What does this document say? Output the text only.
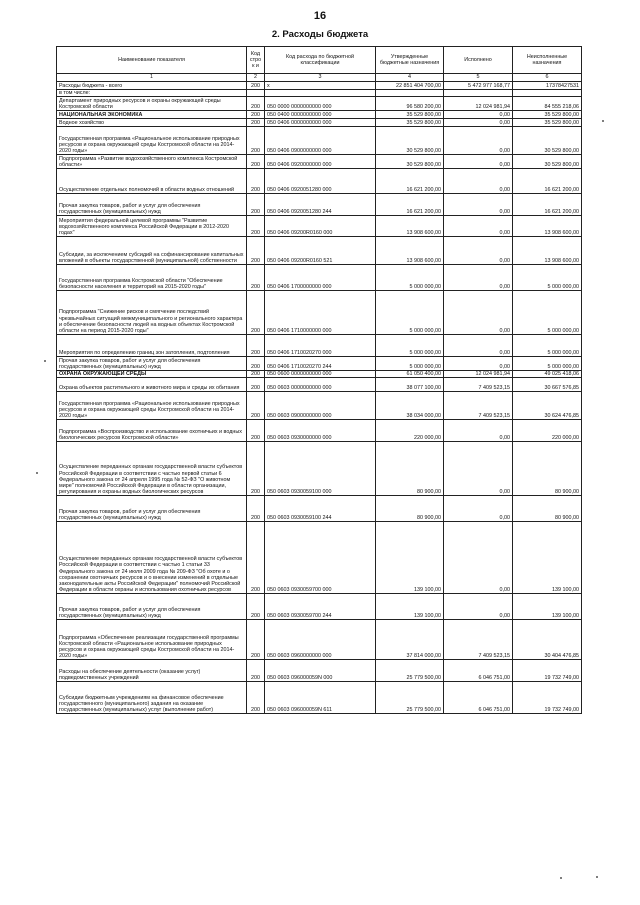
16
2. Расходы бюджета
Наименование показателя	Код строк и	Код расхода по бюджетной классификации	Утвержденные бюджетные назначения	Исполнено	Неисполненные назначения
1	2	3	4	5	6
Расходы бюджета - всего	200	x	22 851 404 700,00	5 472 977 168,77	17378427531
в том числе:					
Департамент природных ресурсов и охраны окружающей среды Костромской области	200	050 0000 0000000000 000	96 580 200,00	12 024 981,94	84 555 218,06
НАЦИОНАЛЬНАЯ ЭКОНОМИКА	200	050 0400 0000000000 000	35 529 800,00	0,00	35 529 800,00
Водное хозяйство	200	050 0406 0000000000 000	35 529 800,00	0,00	35 529 800,00
Государственная программа «Рациональное использование природных ресурсов и охрана окружающей среды Костромской области на 2014-2020 годы»	200	050 0406 0900000000 000	30 529 800,00	0,00	30 529 800,00
Подпрограмма «Развитие водохозяйственного комплекса Костромской области»	200	050 0406 0920000000 000	30 529 800,00	0,00	30 529 800,00
Осуществление отдельных полномочий в области водных отношений	200	050 0406 0920051280 000	16 621 200,00	0,00	16 621 200,00
Прочая закупка товаров, работ и услуг для обеспечения государственных (муниципальных) нужд	200	050 0406 0920051280 244	16 621 200,00	0,00	16 621 200,00
Мероприятия федеральной целевой программы "Развитие водохозяйственного комплекса Российской Федерации в 2012-2020 годах"	200	050 0406 09200R0160 000	13 908 600,00	0,00	13 908 600,00
Субсидии, за исключением субсидий на софинансирование капитальных вложений в объекты государственной (муниципальной) собственности	200	050 0406 09200R0160 521	13 908 600,00	0,00	13 908 600,00
Государственная программа Костромской области "Обеспечение безопасности населения и территорий на 2015-2020 годы"	200	050 0406 1700000000 000	5 000 000,00	0,00	5 000 000,00
Подпрограмма "Снижение рисков и смягчение последствий чрезвычайных ситуаций межмуниципального и регионального характера и обеспечение безопасности людей на водных объектах Костромской области на период 2015-2020 годы"	200	050 0406 1710000000 000	5 000 000,00	0,00	5 000 000,00
Мероприятия по определению границ зон затопления, подтопления	200	050 0406 1710020270 000	5 000 000,00	0,00	5 000 000,00
Прочая закупка товаров, работ и услуг для обеспечения государственных (муниципальных) нужд	200	050 0406 1710020270 244	5 000 000,00	0,00	5 000 000,00
ОХРАНА ОКРУЖАЮЩЕЙ СРЕДЫ	200	050 0600 0000000000 000	61 050 400,00	12 024 981,94	49 025 418,06
Охрана объектов растительного и животного мира и среды их обитания	200	050 0603 0000000000 000	38 077 100,00	7 409 523,15	30 667 576,85
Государственная программа «Рациональное использование природных ресурсов и охрана окружающей среды Костромской области на 2014-2020 годы»	200	050 0603 0900000000 000	38 034 000,00	7 409 523,15	30 624 476,85
Подпрограмма «Воспроизводство и использование охотничьих и водных биологических ресурсов Костромской области»	200	050 0603 0930000000 000	220 000,00	0,00	220 000,00
Осуществление переданных органам государственной власти субъектов Российской Федерации в соответствии с частью первой статьи 6 Федерального закона от 24 апреля 1995 года № 52-ФЗ "О животном мире" полномочий Российской Федерации в области организации, регулирования и охраны водных биологических ресурсов	200	050 0603 0930059100 000	80 900,00	0,00	80 900,00
Прочая закупка товаров, работ и услуг для обеспечения государственных (муниципальных) нужд	200	050 0603 0930059100 244	80 900,00	0,00	80 900,00
Осуществление переданных органам государственной власти субъектов Российской Федерации в соответствии с частью 1 статьи 33 Федерального закона от 24 июля 2009 года № 209-ФЗ "Об охоте и о сохранении охотничьих ресурсов и о внесении изменений в отдельные законодательные акты Российской Федерации" полномочий Российской Федерации в области охраны и использования охотничьих ресурсов	200	050 0603 0930059700 000	139 100,00	0,00	139 100,00
Прочая закупка товаров, работ и услуг для обеспечения государственных (муниципальных) нужд	200	050 0603 0930059700 244	139 100,00	0,00	139 100,00
Подпрограмма «Обеспечение реализации государственной программы Костромской области «Рациональное использование природных ресурсов и охрана окружающей среды Костромской области на 2014-2020 годы»	200	050 0603 0960000000 000	37 814 000,00	7 409 523,15	30 404 476,85
Расходы на обеспечение деятельности (оказание услуг) подведомственных учреждений	200	050 0603 096000059N 000	25 779 500,00	6 046 751,00	19 732 749,00
Субсидии бюджетным учреждениям на финансовое обеспечение государственного (муниципального) задания на оказание государственных (муниципальных) услуг (выполнение работ)	200	050 0603 096000059N 611	25 779 500,00	6 046 751,00	19 732 749,00
